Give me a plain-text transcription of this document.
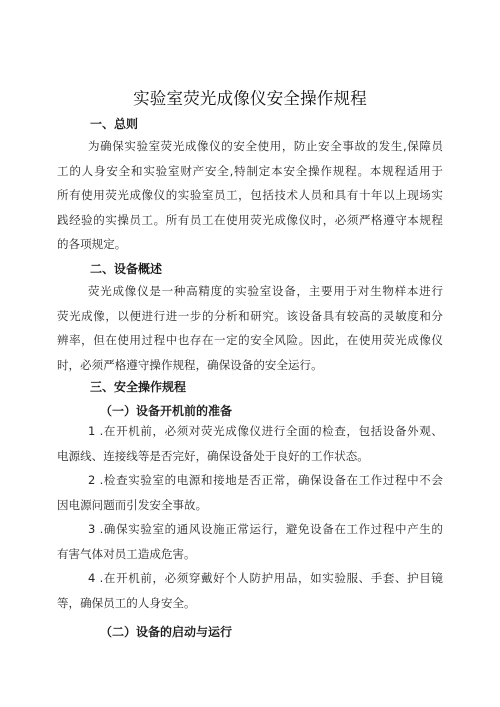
实验室荧光成像仪安全操作规程
一、总则
为确保实验室荧光成像仪的安全使用，防止安全事故的发生,保障员
工的人身安全和实验室财产安全,特制定本安全操作规程。本规程适用于
所有使用荧光成像仪的实验室员工，包括技术人员和具有十年以上现场实
践经验的实操员工。所有员工在使用荧光成像仪时，必须严格遵守本规程
的各项规定。
二、设备概述
荧光成像仪是一种高精度的实验室设备，主要用于对生物样本进行
荧光成像，以便进行进一步的分析和研究。该设备具有较高的灵敏度和分
辨率，但在使用过程中也存在一定的安全风险。因此，在使用荧光成像仪
时，必须严格遵守操作规程，确保设备的安全运行。
三、安全操作规程
（一）设备开机前的准备
1 .在开机前，必须对荧光成像仪进行全面的检查，包括设备外观、
电源线、连接线等是否完好，确保设备处于良好的工作状态。
2 .检查实验室的电源和接地是否正常，确保设备在工作过程中不会
因电源问题而引发安全事故。
3 .确保实验室的通风设施正常运行，避免设备在工作过程中产生的
有害气体对员工造成危害。
4 .在开机前，必须穿戴好个人防护用品，如实验服、手套、护目镜
等，确保员工的人身安全。
（二）设备的启动与运行
